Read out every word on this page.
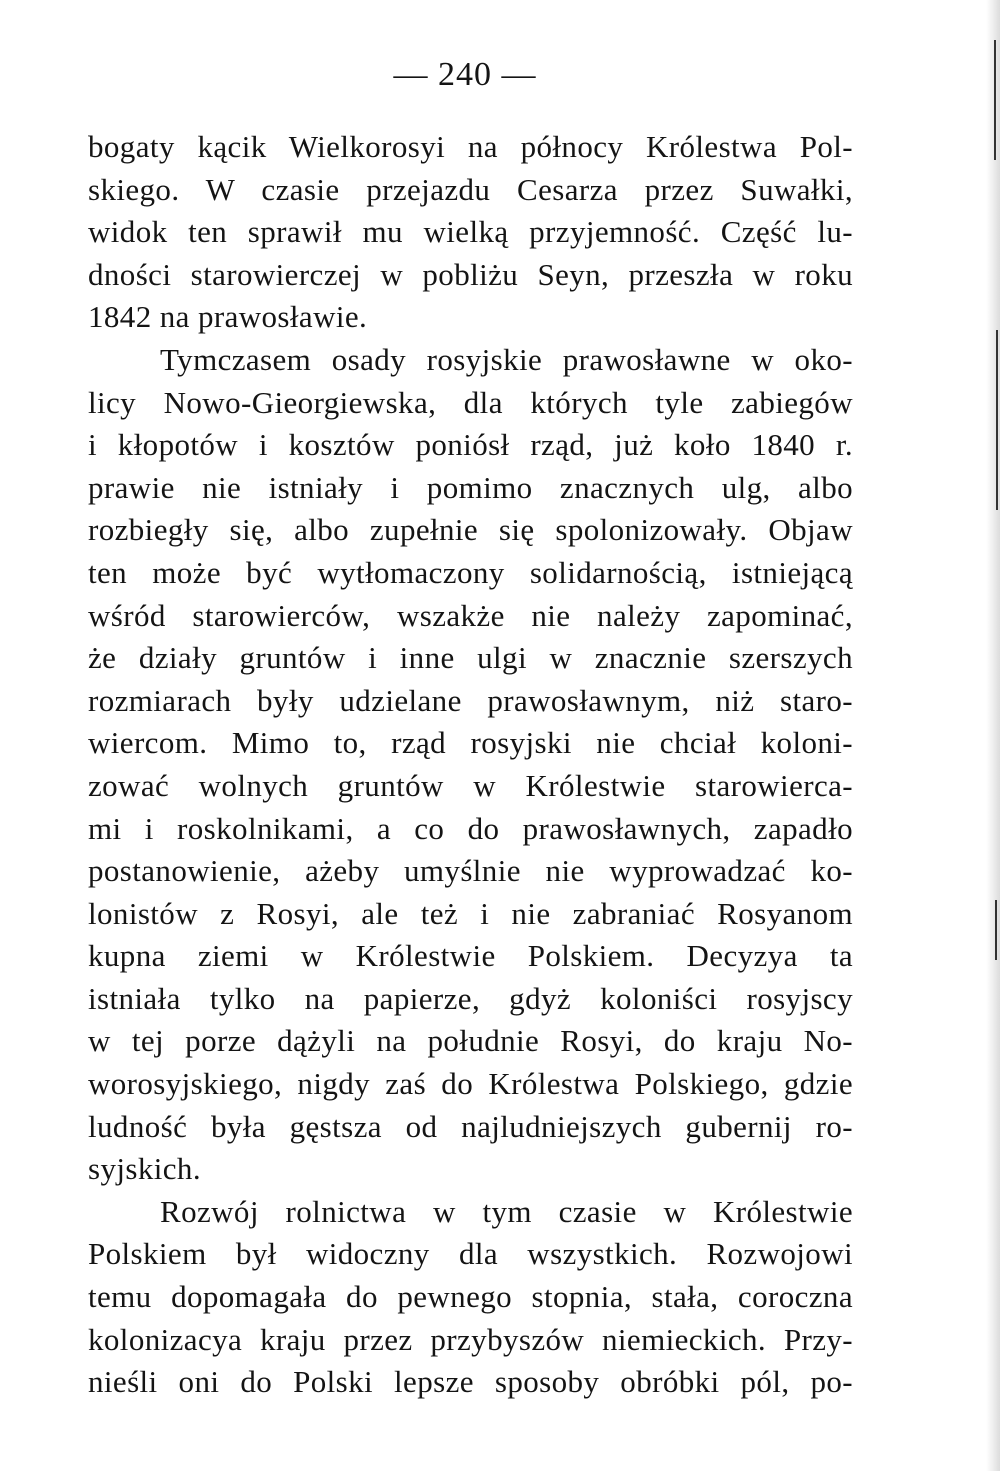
— 240 —
bogaty kącik Wielkorosyi na północy Królestwa Pol-
skiego. W czasie przejazdu Cesarza przez Suwałki,
widok ten sprawił mu wielką przyjemność. Część lu-
dności starowierczej w pobliżu Seyn, przeszła w roku
1842 na prawosławie.
Tymczasem osady rosyjskie prawosławne w oko-
licy Nowo-Gieorgiewska, dla których tyle zabiegów
i kłopotów i kosztów poniósł rząd, już koło 1840 r.
prawie nie istniały i pomimo znacznych ulg, albo
rozbiegły się, albo zupełnie się spolonizowały. Objaw
ten może być wytłomaczony solidarnością, istniejącą
wśród starowierców, wszakże nie należy zapominać,
że działy gruntów i inne ulgi w znacznie szerszych
rozmiarach były udzielane prawosławnym, niż staro-
wiercom. Mimo to, rząd rosyjski nie chciał koloni-
zować wolnych gruntów w Królestwie starowierca-
mi i roskolnikami, a co do prawosławnych, zapadło
postanowienie, ażeby umyślnie nie wyprowadzać ko-
lonistów z Rosyi, ale też i nie zabraniać Rosyanom
kupna ziemi w Królestwie Polskiem. Decyzya ta
istniała tylko na papierze, gdyż koloniści rosyjscy
w tej porze dążyli na południe Rosyi, do kraju No-
worosyjskiego, nigdy zaś do Królestwa Polskiego, gdzie
ludność była gęstsza od najludniejszych gubernij ro-
syjskich.
Rozwój rolnictwa w tym czasie w Królestwie
Polskiem był widoczny dla wszystkich. Rozwojowi
temu dopomagała do pewnego stopnia, stała, coroczna
kolonizacya kraju przez przybyszów niemieckich. Przy-
nieśli oni do Polski lepsze sposoby obróbki pól, po-
